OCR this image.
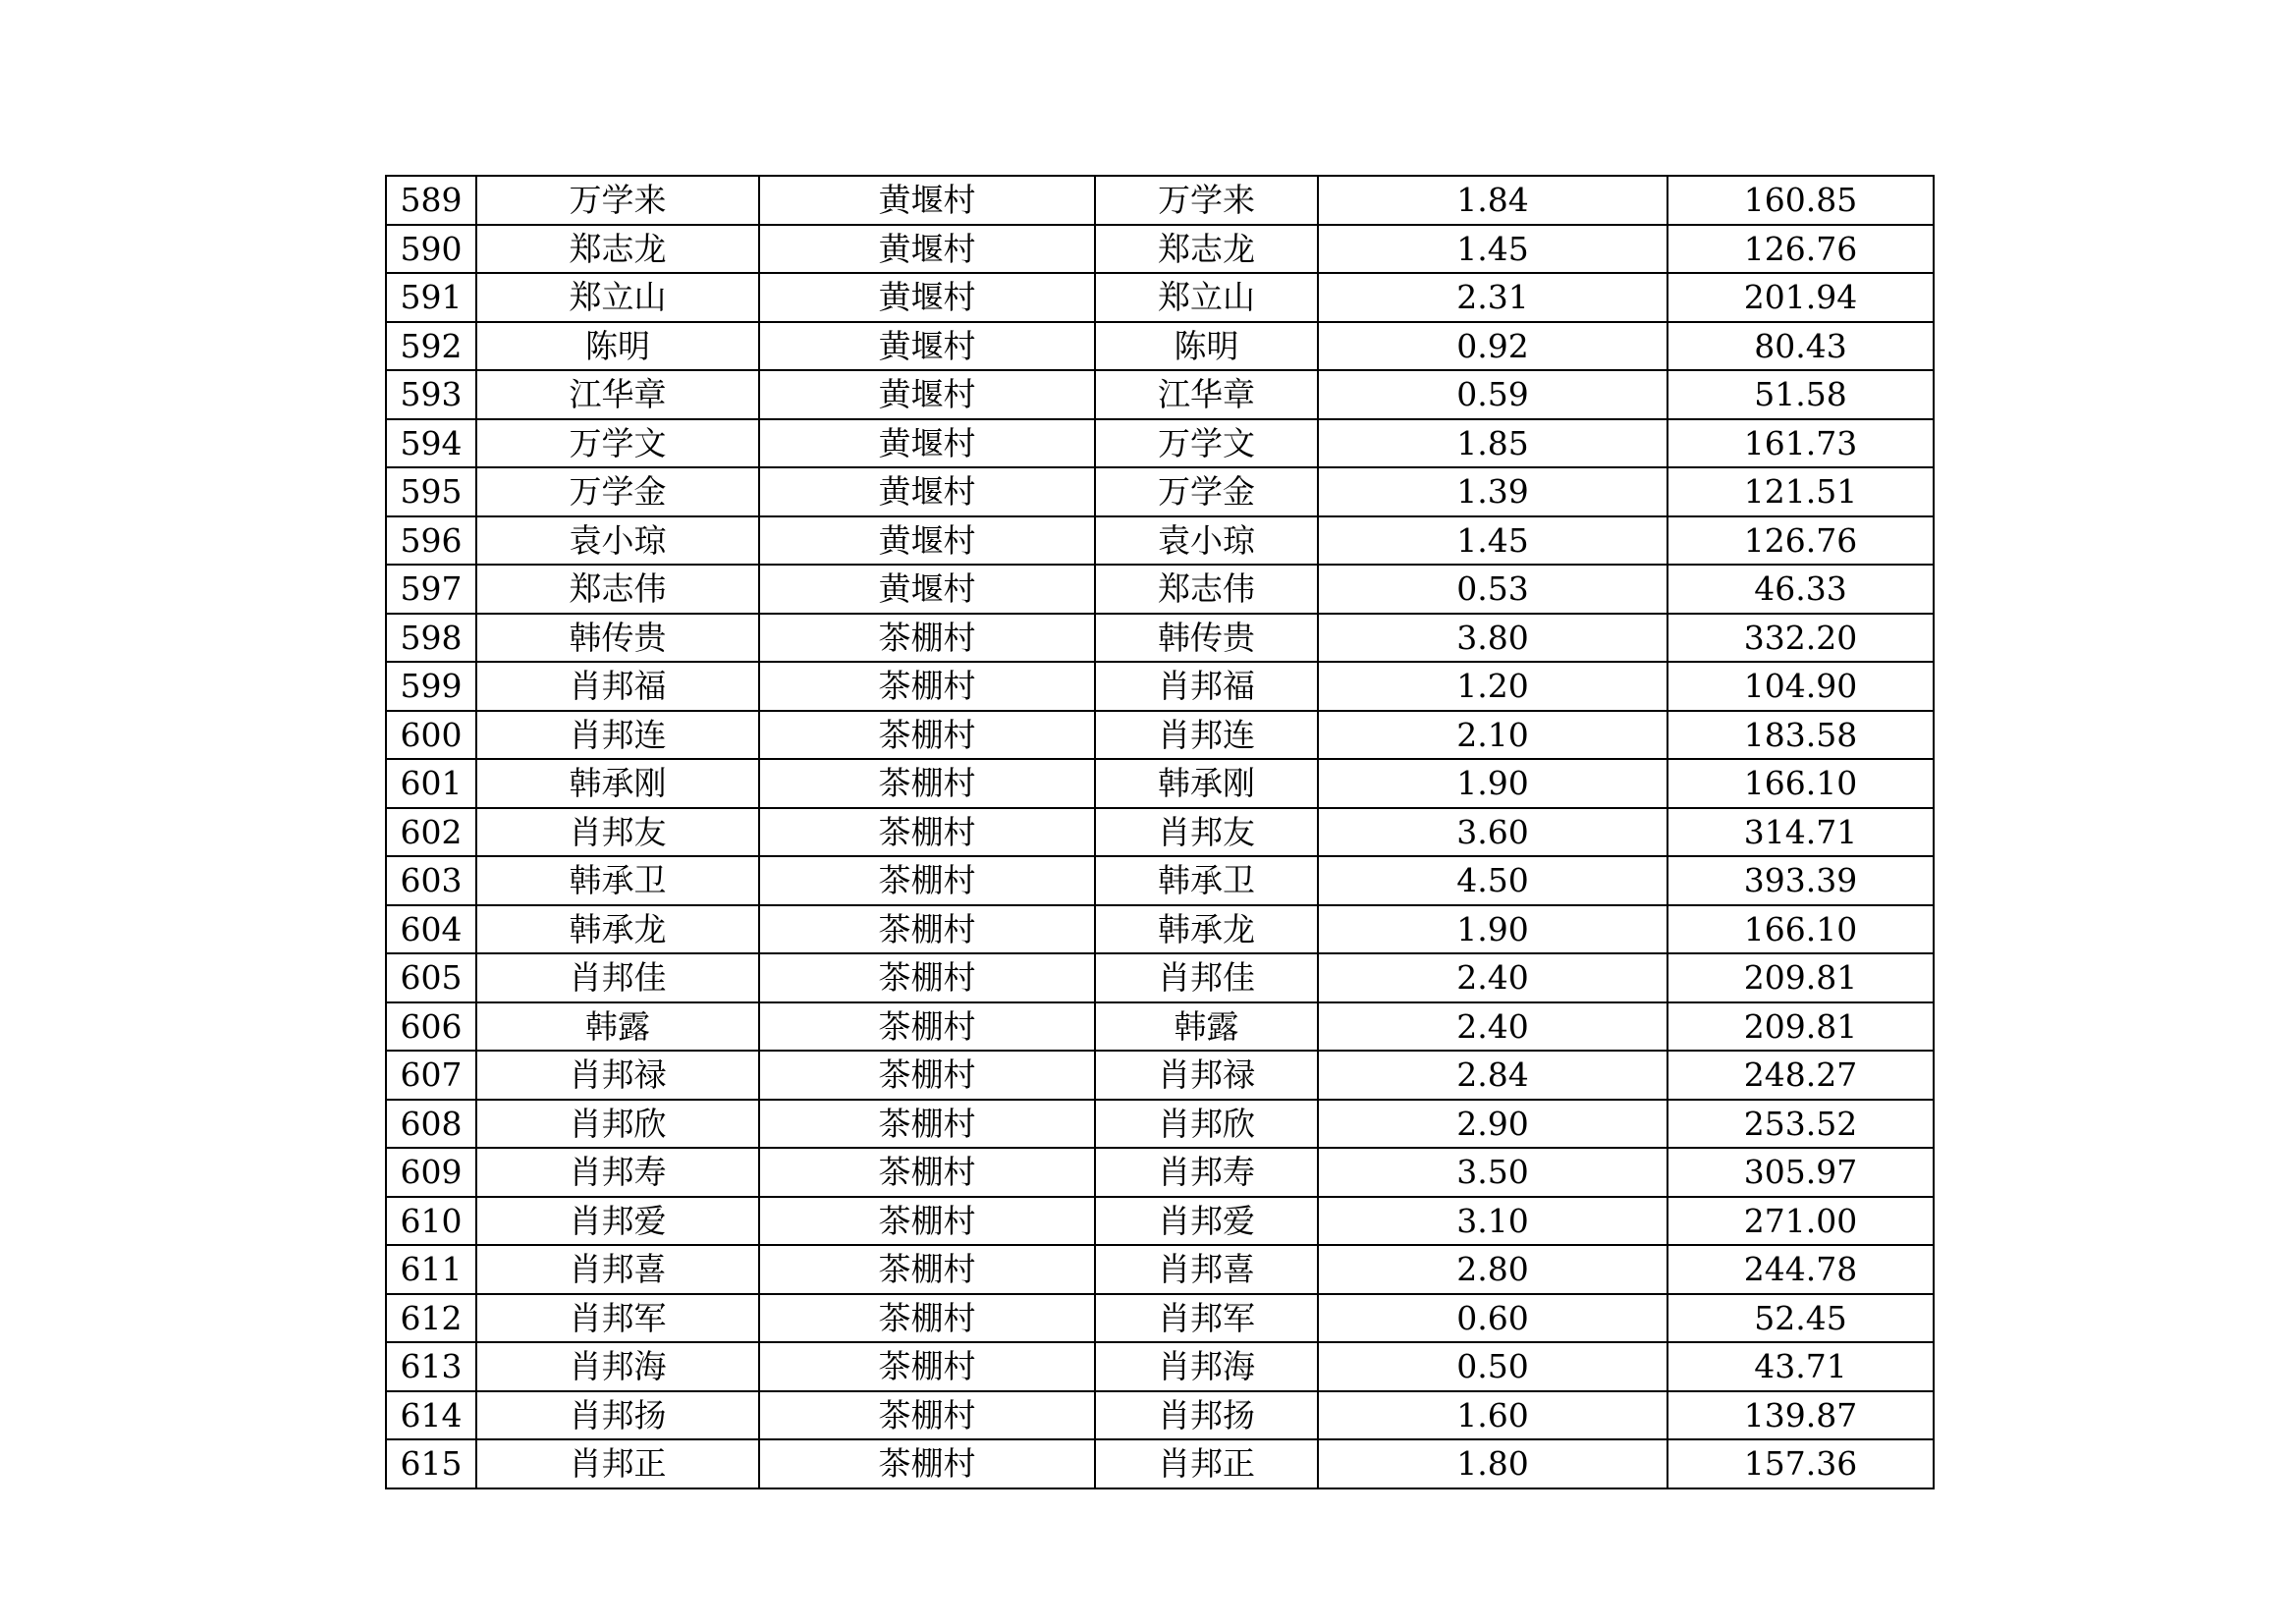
589	万学来	黄堰村	万学来	1.84	160.85
590	郑志龙	黄堰村	郑志龙	1.45	126.76
591	郑立山	黄堰村	郑立山	2.31	201.94
592	陈明	黄堰村	陈明	0.92	80.43
593	江华章	黄堰村	江华章	0.59	51.58
594	万学文	黄堰村	万学文	1.85	161.73
595	万学金	黄堰村	万学金	1.39	121.51
596	袁小琼	黄堰村	袁小琼	1.45	126.76
597	郑志伟	黄堰村	郑志伟	0.53	46.33
598	韩传贵	茶棚村	韩传贵	3.80	332.20
599	肖邦福	茶棚村	肖邦福	1.20	104.90
600	肖邦连	茶棚村	肖邦连	2.10	183.58
601	韩承刚	茶棚村	韩承刚	1.90	166.10
602	肖邦友	茶棚村	肖邦友	3.60	314.71
603	韩承卫	茶棚村	韩承卫	4.50	393.39
604	韩承龙	茶棚村	韩承龙	1.90	166.10
605	肖邦佳	茶棚村	肖邦佳	2.40	209.81
606	韩露	茶棚村	韩露	2.40	209.81
607	肖邦禄	茶棚村	肖邦禄	2.84	248.27
608	肖邦欣	茶棚村	肖邦欣	2.90	253.52
609	肖邦寿	茶棚村	肖邦寿	3.50	305.97
610	肖邦爱	茶棚村	肖邦爱	3.10	271.00
611	肖邦喜	茶棚村	肖邦喜	2.80	244.78
612	肖邦军	茶棚村	肖邦军	0.60	52.45
613	肖邦海	茶棚村	肖邦海	0.50	43.71
614	肖邦扬	茶棚村	肖邦扬	1.60	139.87
615	肖邦正	茶棚村	肖邦正	1.80	157.36
